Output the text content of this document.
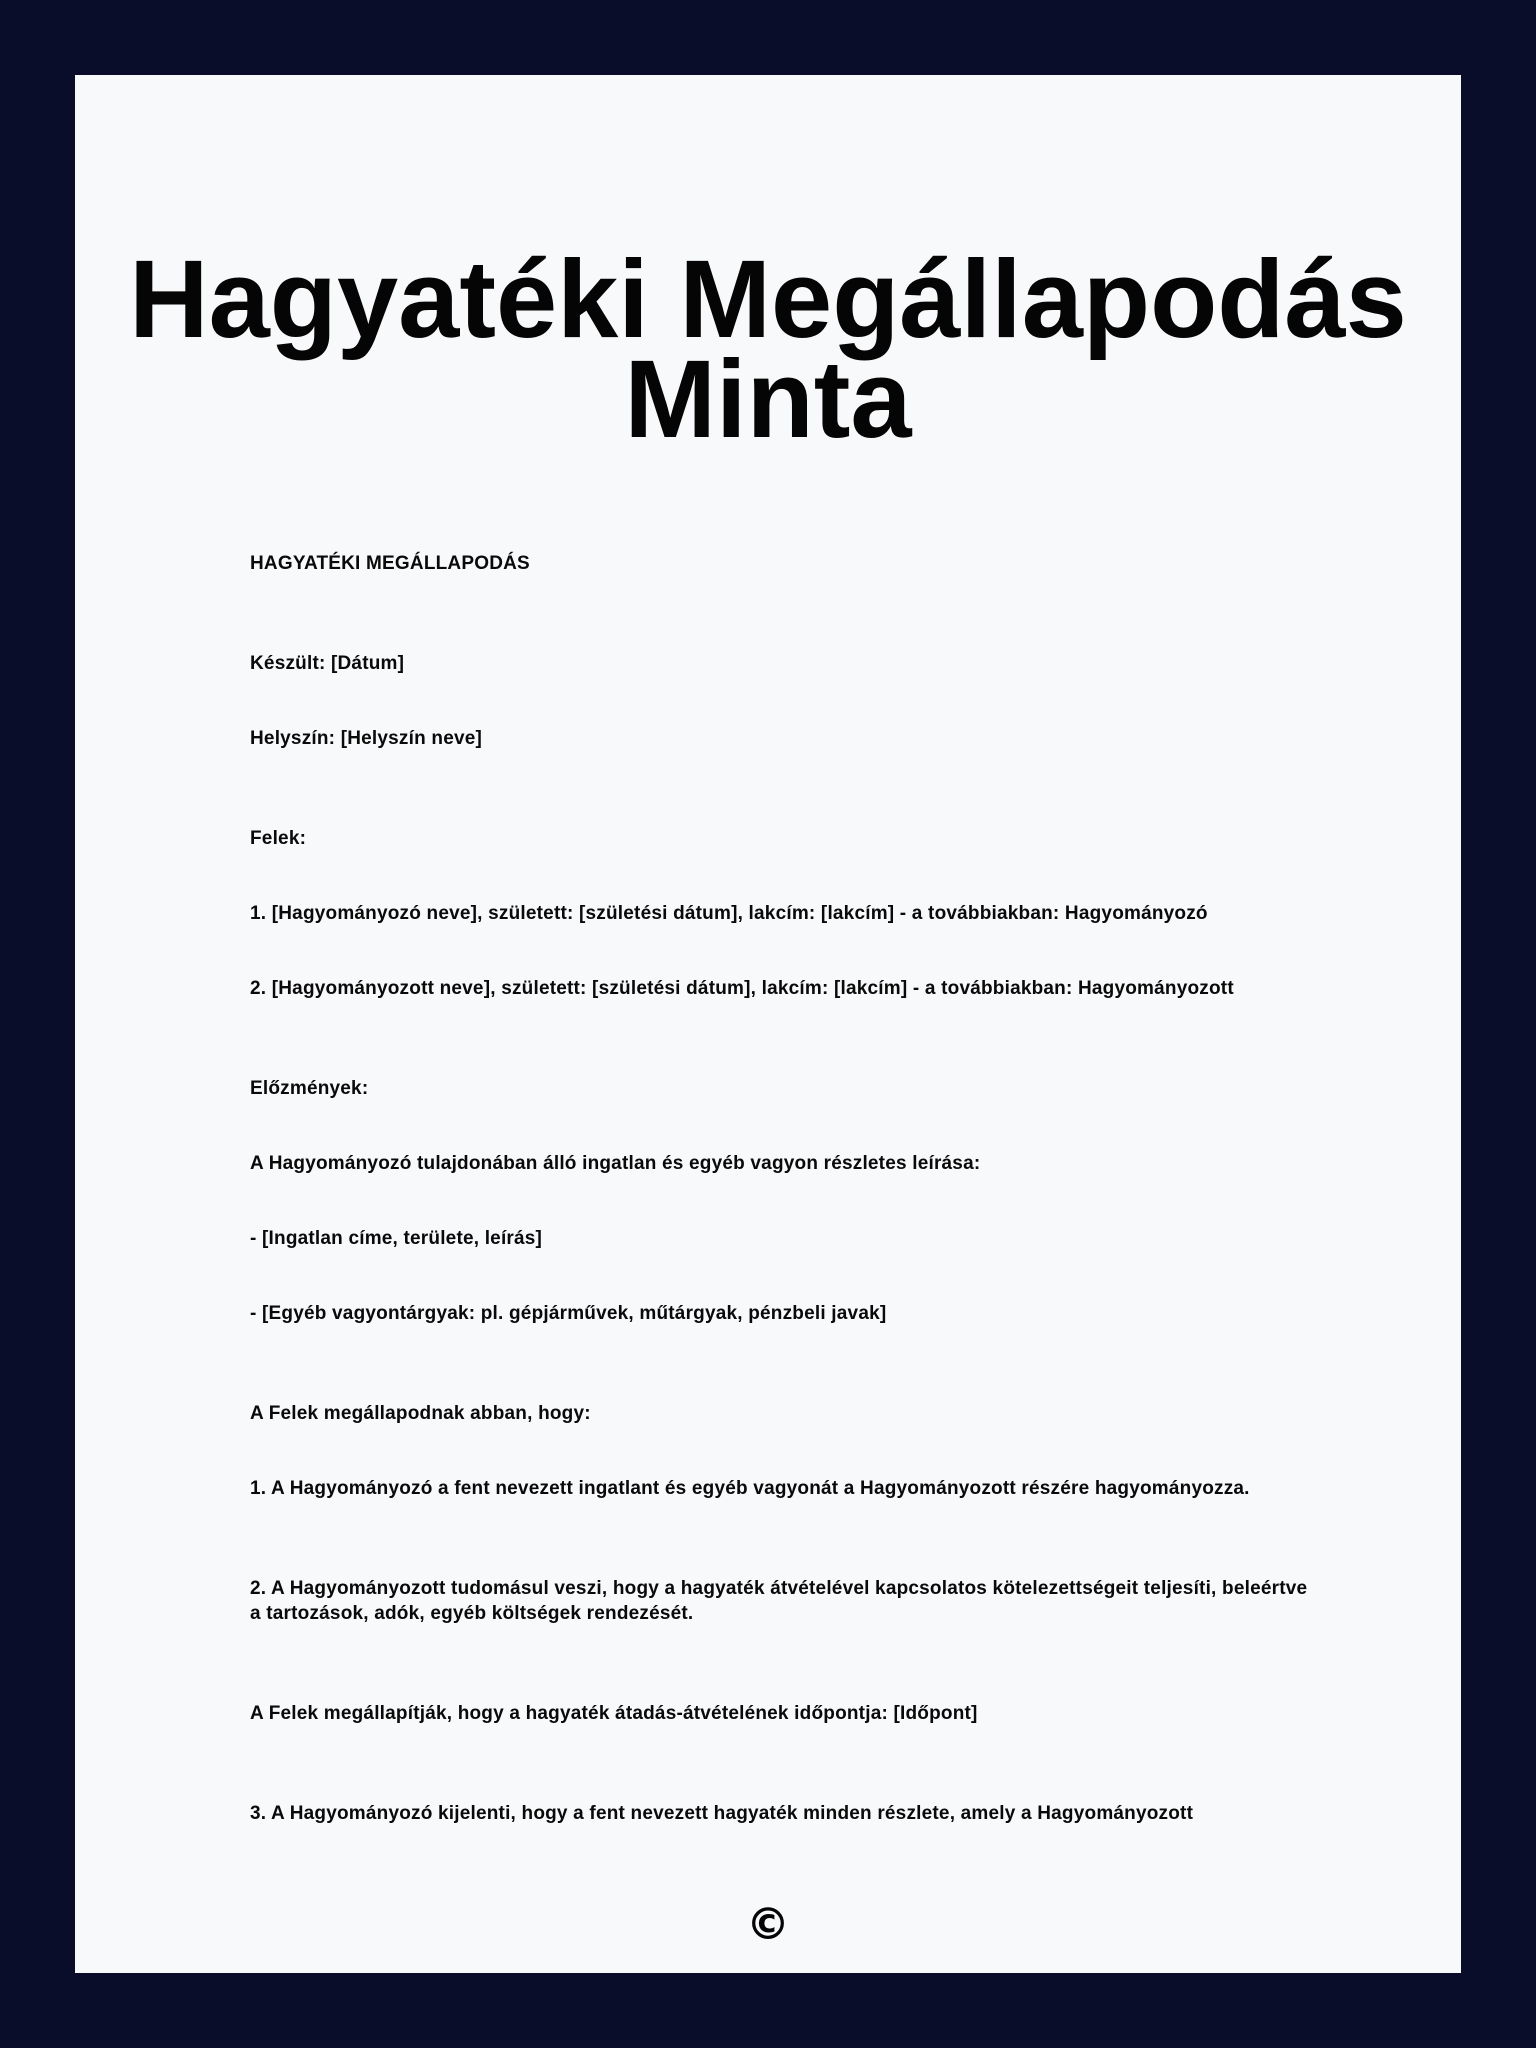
Hagyatéki Megállapodás Minta

HAGYATÉKI MEGÁLLAPODÁS

Készült: [Dátum]

Helyszín: [Helyszín neve]

Felek:

1. [Hagyományozó neve], született: [születési dátum], lakcím: [lakcím] - a továbbiakban: Hagyományozó

2. [Hagyományozott neve], született: [születési dátum], lakcím: [lakcím] - a továbbiakban: Hagyományozott

Előzmények:

A Hagyományozó tulajdonában álló ingatlan és egyéb vagyon részletes leírása:

- [Ingatlan címe, területe, leírás]

- [Egyéb vagyontárgyak: pl. gépjárművek, műtárgyak, pénzbeli javak]

A Felek megállapodnak abban, hogy:

1. A Hagyományozó a fent nevezett ingatlant és egyéb vagyonát a Hagyományozott részére hagyományozza.

2. A Hagyományozott tudomásul veszi, hogy a hagyaték átvételével kapcsolatos kötelezettségeit teljesíti, beleértve a tartozások, adók, egyéb költségek rendezését.

A Felek megállapítják, hogy a hagyaték átadás-átvételének időpontja: [Időpont]

3. A Hagyományozó kijelenti, hogy a fent nevezett hagyaték minden részlete, amely a Hagyományozott

©
